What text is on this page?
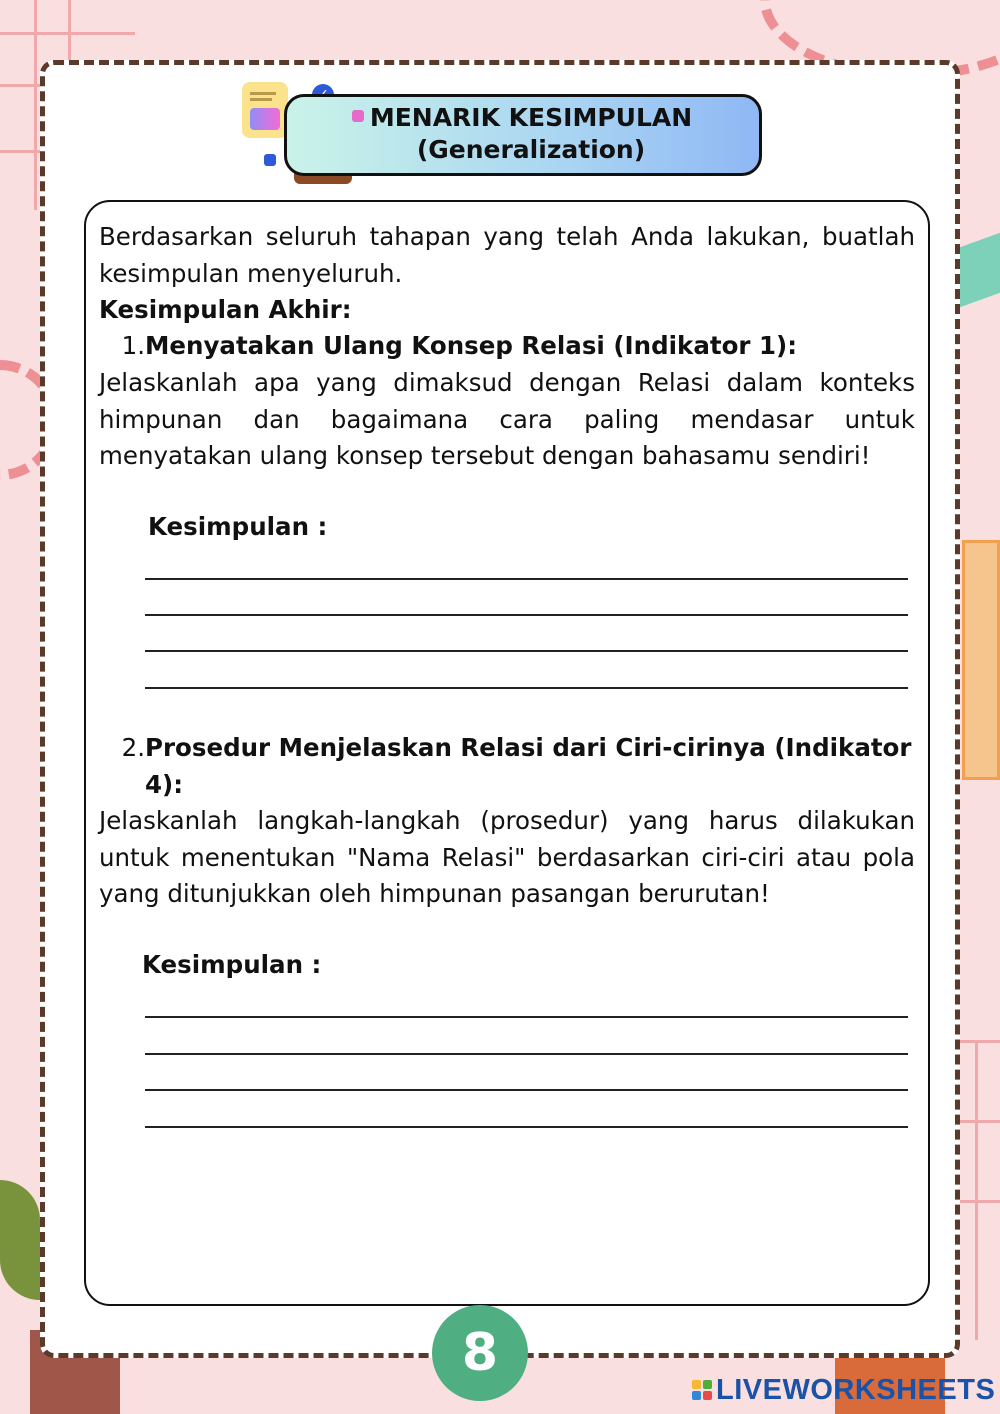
MENARIK KESIMPULAN
(Generalization)
Berdasarkan seluruh tahapan yang telah Anda lakukan, buatlah kesimpulan menyeluruh.
Kesimpulan Akhir:
1.Menyatakan Ulang Konsep Relasi (Indikator 1):
Jelaskanlah apa yang dimaksud dengan Relasi dalam konteks himpunan dan bagaimana cara paling mendasar untuk menyatakan ulang konsep tersebut dengan bahasamu sendiri!
Kesimpulan :
2.Prosedur Menjelaskan Relasi dari Ciri-cirinya (Indikator
4):
Jelaskanlah langkah-langkah (prosedur) yang harus dilakukan untuk menentukan "Nama Relasi" berdasarkan ciri-ciri atau pola yang ditunjukkan oleh himpunan pasangan berurutan!
Kesimpulan :
8
LIVEWORKSHEETS
